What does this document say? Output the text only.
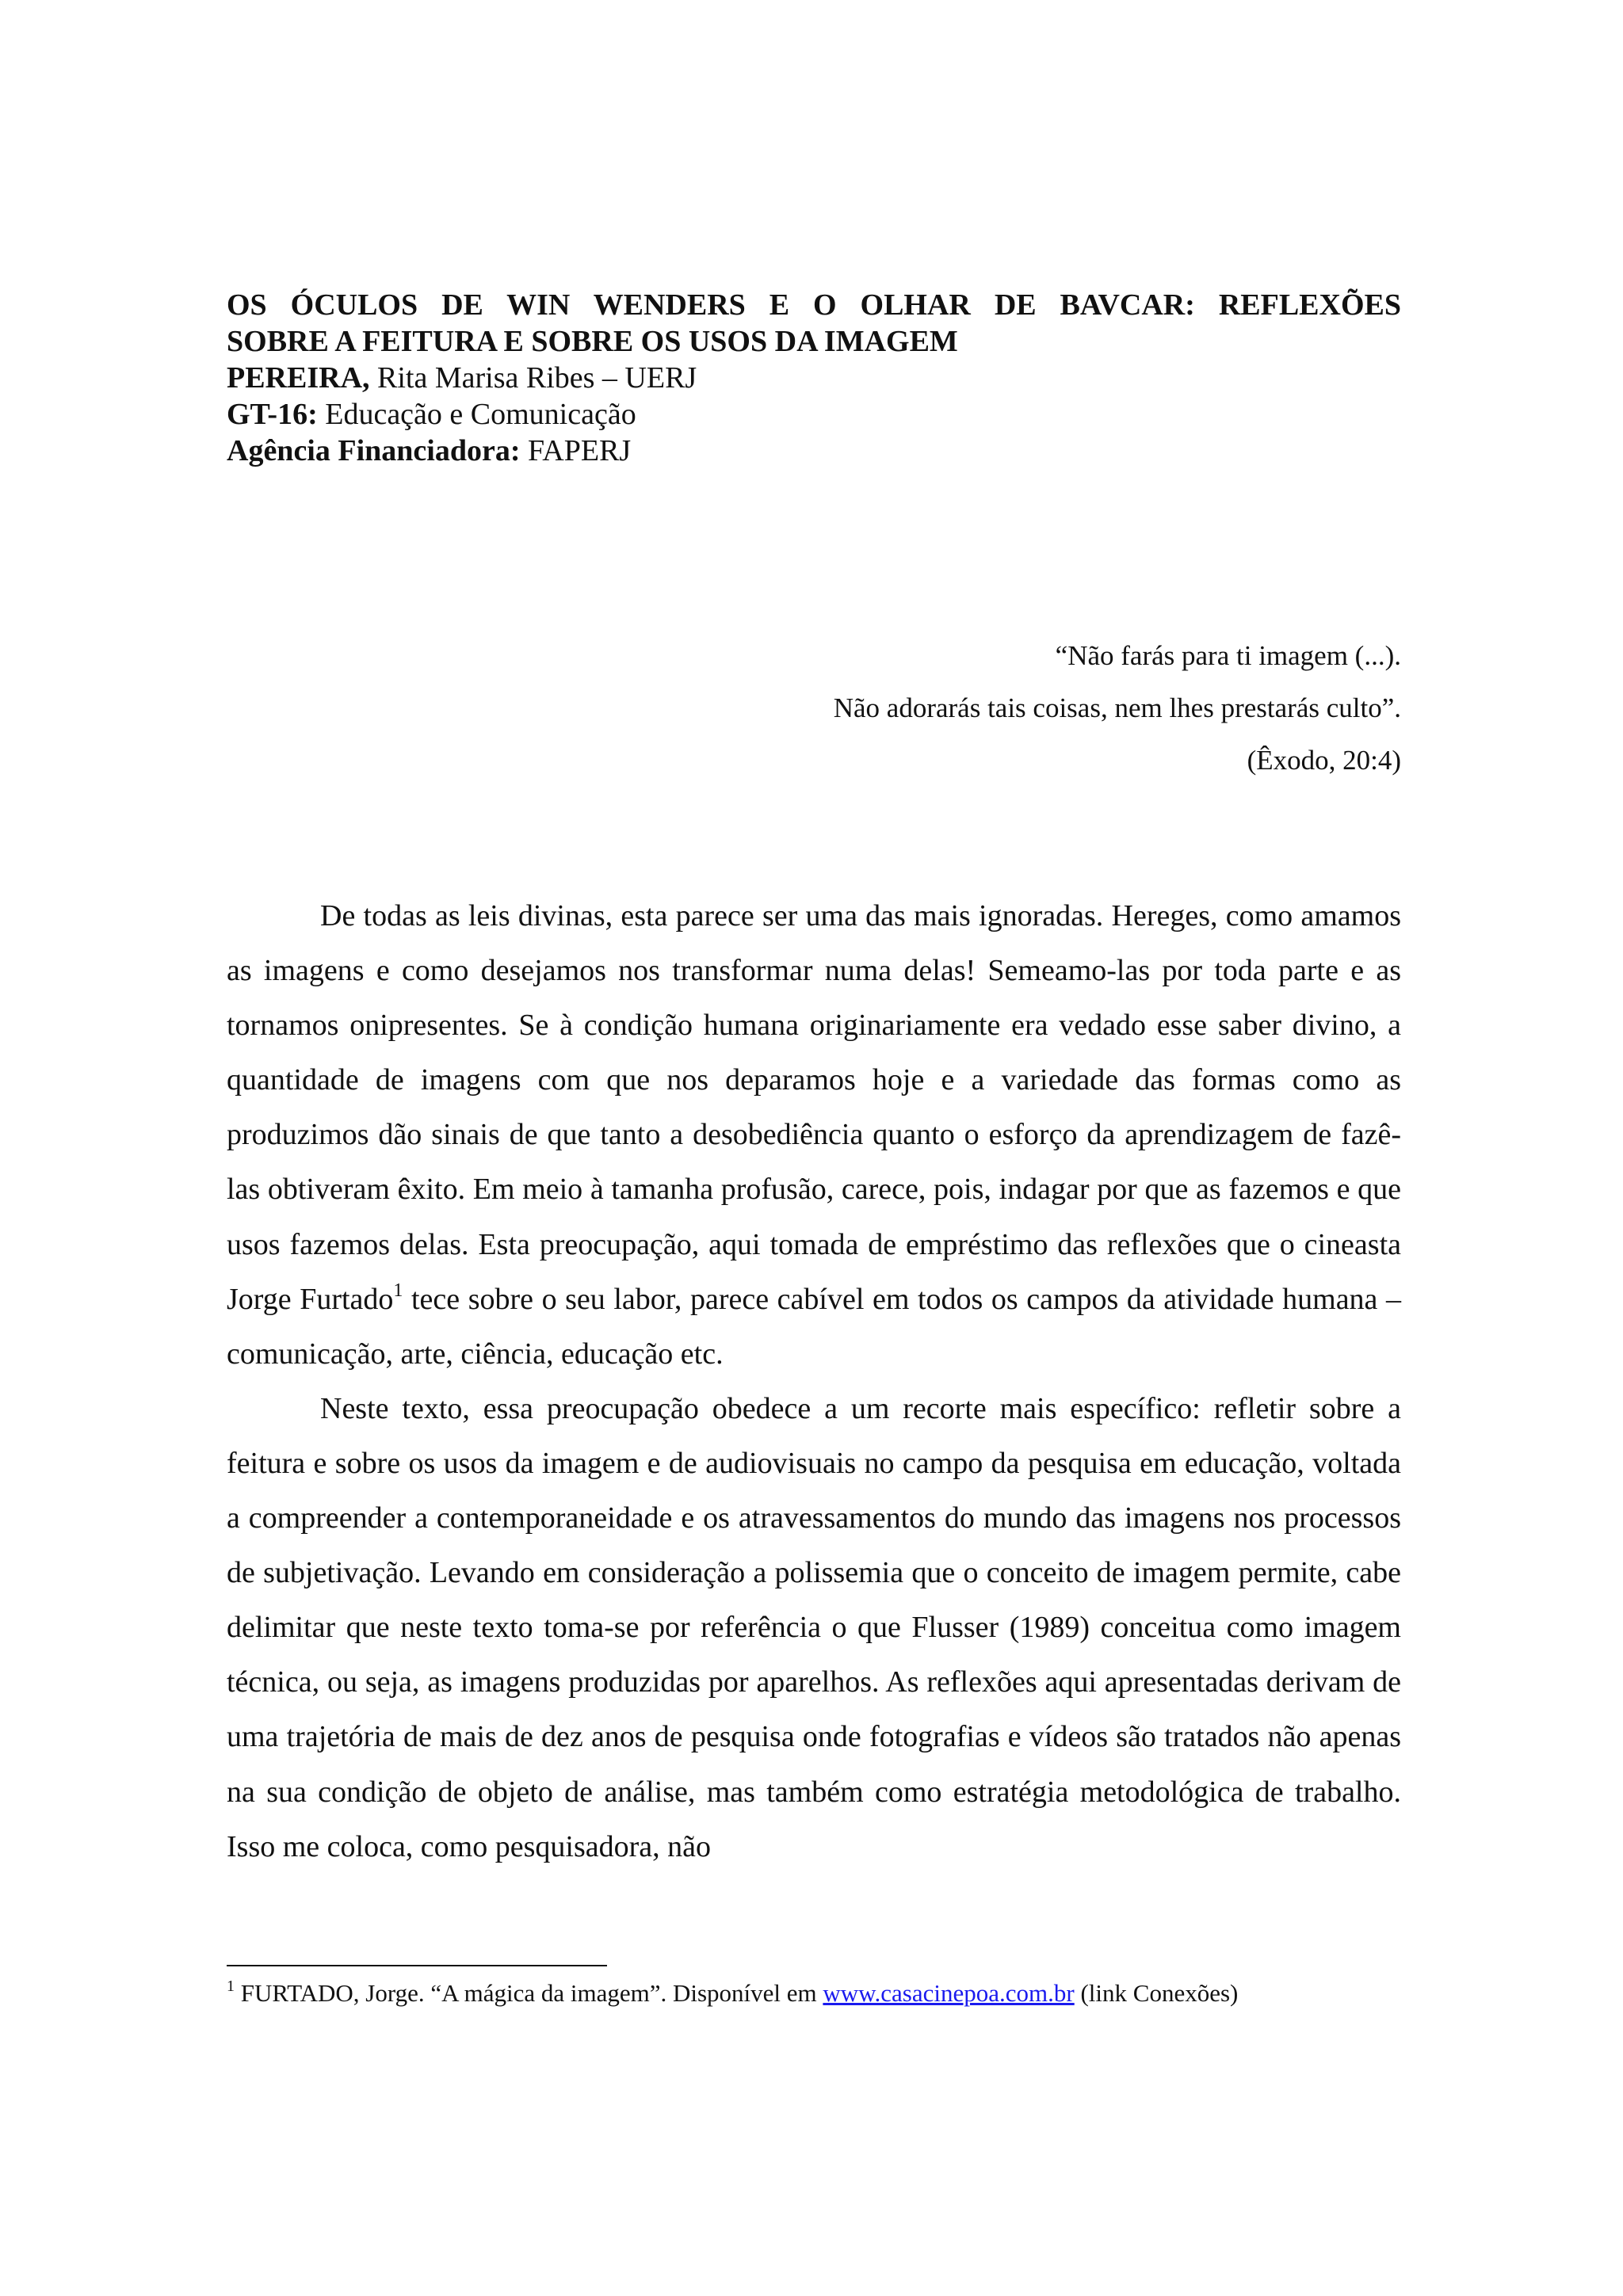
OS ÓCULOS DE WIN WENDERS E O OLHAR DE BAVCAR: REFLEXÕES
SOBRE A FEITURA E SOBRE OS USOS DA IMAGEM
PEREIRA, Rita Marisa Ribes – UERJ
GT-16: Educação e Comunicação
Agência Financiadora: FAPERJ
“Não farás para ti imagem (...).
Não adorarás tais coisas, nem lhes prestarás culto”.
(Êxodo, 20:4)

De todas as leis divinas, esta parece ser uma das mais ignoradas. Hereges, como amamos as imagens e como desejamos nos transformar numa delas! Semeamo-las por toda parte e as tornamos onipresentes. Se à condição humana originariamente era vedado esse saber divino, a quantidade de imagens com que nos deparamos hoje e a variedade das formas como as produzimos dão sinais de que tanto a desobediência quanto o esforço da aprendizagem de fazê-las obtiveram êxito. Em meio à tamanha profusão, carece, pois, indagar por que as fazemos e que usos fazemos delas. Esta preocupação, aqui tomada de empréstimo das reflexões que o cineasta Jorge Furtado$^1$ tece sobre o seu labor, parece cabível em todos os campos da atividade humana – comunicação, arte, ciência, educação etc.

Neste texto, essa preocupação obedece a um recorte mais específico: refletir sobre a feitura e sobre os usos da imagem e de audiovisuais no campo da pesquisa em educação, voltada a compreender a contemporaneidade e os atravessamentos do mundo das imagens nos processos de subjetivação. Levando em consideração a polissemia que o conceito de imagem permite, cabe delimitar que neste texto toma-se por referência o que Flusser (1989) conceitua como imagem técnica, ou seja, as imagens produzidas por aparelhos. As reflexões aqui apresentadas derivam de uma trajetória de mais de dez anos de pesquisa onde fotografias e vídeos são tratados não apenas na sua condição de objeto de análise, mas também como estratégia metodológica de trabalho. Isso me coloca, como pesquisadora, não

$^1$ FURTADO, Jorge. “A mágica da imagem”. Disponível em www.casacinepoa.com.br (link Conexões)
